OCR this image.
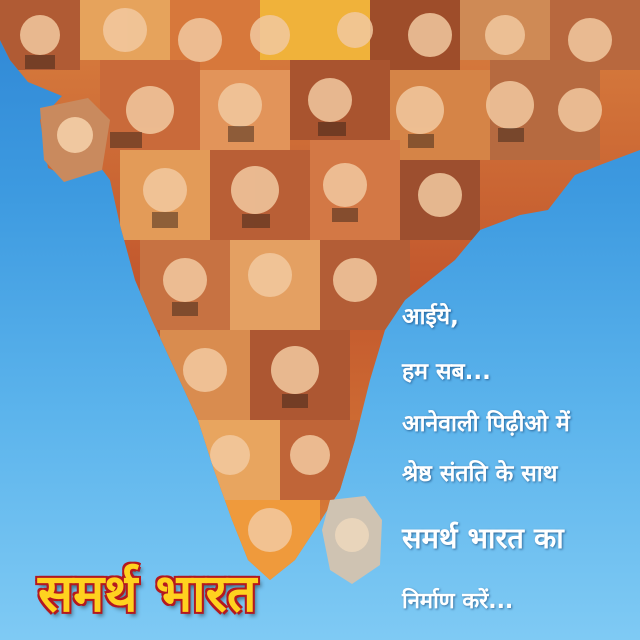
आईये,
हम सब...
आनेवाली पिढ़ीओ में
श्रेष्ठ संतति के साथ
समर्थ भारत का
निर्माण करें...
समर्थ भारत
